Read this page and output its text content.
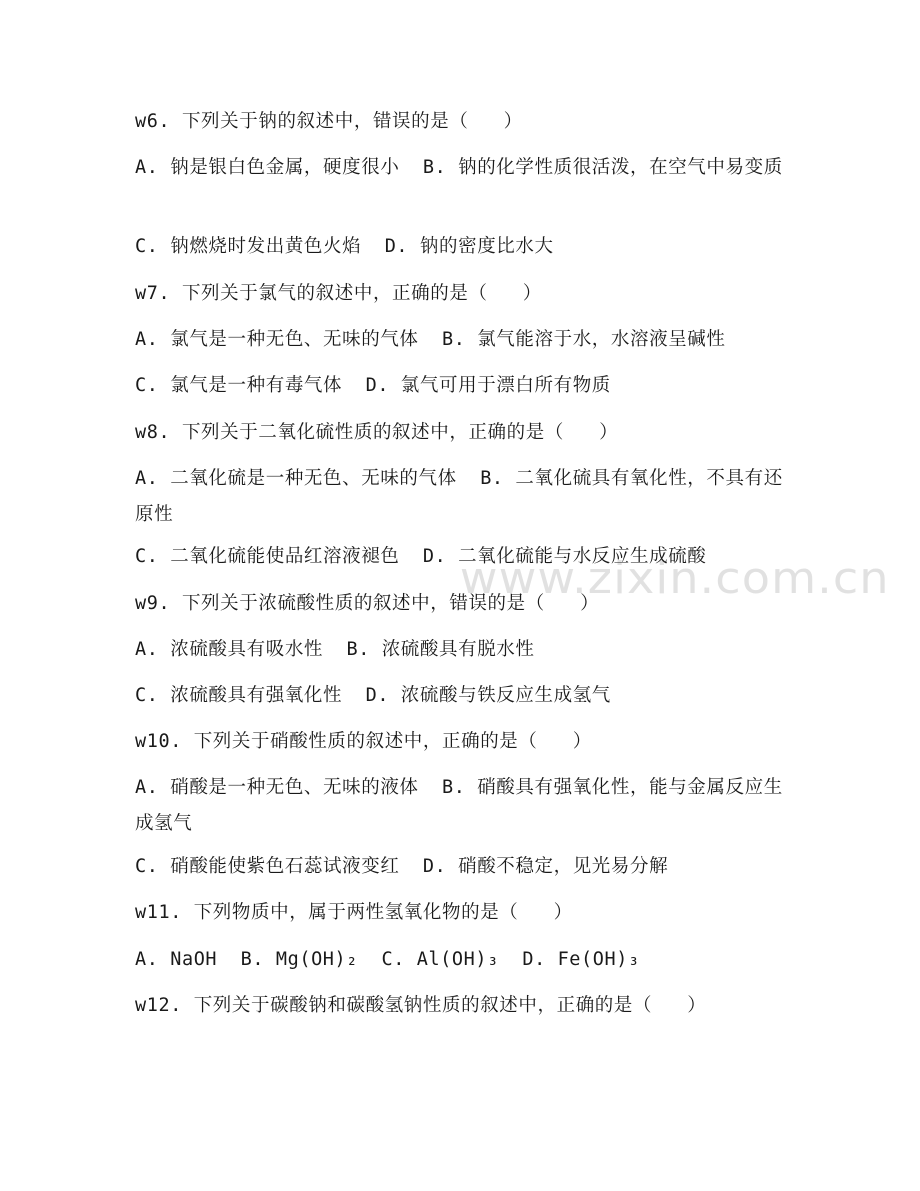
www.zixin.com.cn
w6. 下列关于钠的叙述中，错误的是（   ）
A. 钠是银白色金属，硬度很小  B. 钠的化学性质很活泼，在空气中易变质
C. 钠燃烧时发出黄色火焰  D. 钠的密度比水大
w7. 下列关于氯气的叙述中，正确的是（   ）
A. 氯气是一种无色、无味的气体  B. 氯气能溶于水，水溶液呈碱性
C. 氯气是一种有毒气体  D. 氯气可用于漂白所有物质
w8. 下列关于二氧化硫性质的叙述中，正确的是（   ）
A. 二氧化硫是一种无色、无味的气体  B. 二氧化硫具有氧化性，不具有还原性
C. 二氧化硫能使品红溶液褪色  D. 二氧化硫能与水反应生成硫酸
w9. 下列关于浓硫酸性质的叙述中，错误的是（   ）
A. 浓硫酸具有吸水性  B. 浓硫酸具有脱水性
C. 浓硫酸具有强氧化性  D. 浓硫酸与铁反应生成氢气
w10. 下列关于硝酸性质的叙述中，正确的是（   ）
A. 硝酸是一种无色、无味的液体  B. 硝酸具有强氧化性，能与金属反应生成氢气
C. 硝酸能使紫色石蕊试液变红  D. 硝酸不稳定，见光易分解
w11. 下列物质中，属于两性氢氧化物的是（   ）
A. NaOH  B. Mg(OH)₂  C. Al(OH)₃  D. Fe(OH)₃
w12. 下列关于碳酸钠和碳酸氢钠性质的叙述中，正确的是（   ）
